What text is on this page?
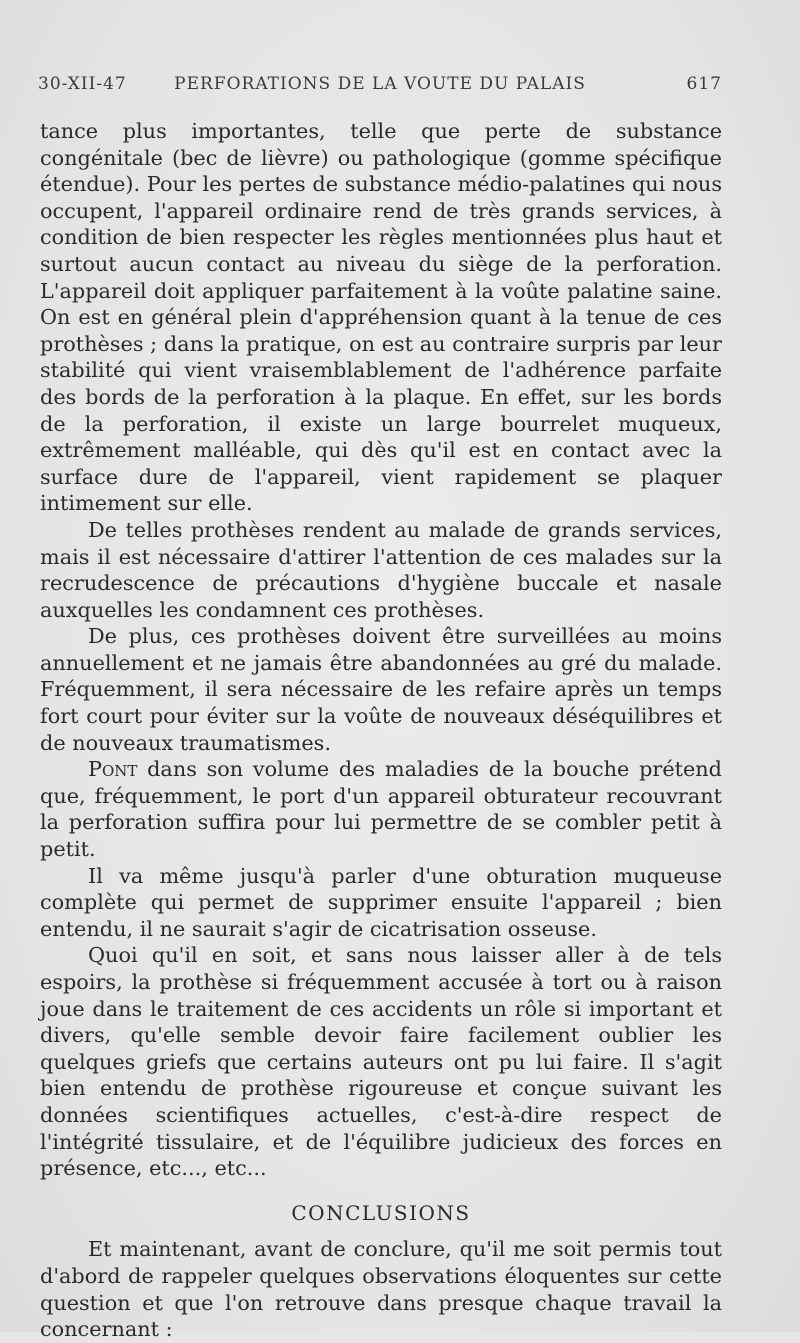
30-XII-47	PERFORATIONS DE LA VOUTE DU PALAIS	617

tance plus importantes, telle que perte de substance congénitale (bec de lièvre) ou pathologique (gomme spécifique étendue). Pour les pertes de substance médio-palatines qui nous occupent, l'appareil ordinaire rend de très grands services, à condition de bien respecter les règles mentionnées plus haut et surtout aucun contact au niveau du siège de la perforation. L'appareil doit appliquer parfaitement à la voûte palatine saine. On est en général plein d'appréhension quant à la tenue de ces prothèses ; dans la pratique, on est au contraire surpris par leur stabilité qui vient vraisemblablement de l'adhérence parfaite des bords de la perforation à la plaque. En effet, sur les bords de la perforation, il existe un large bourrelet muqueux, extrêmement malléable, qui dès qu'il est en contact avec la surface dure de l'appareil, vient rapidement se plaquer intimement sur elle.

De telles prothèses rendent au malade de grands services, mais il est nécessaire d'attirer l'attention de ces malades sur la recrudescence de précautions d'hygiène buccale et nasale auxquelles les condamnent ces prothèses.

De plus, ces prothèses doivent être surveillées au moins annuellement et ne jamais être abandonnées au gré du malade. Fréquemment, il sera nécessaire de les refaire après un temps fort court pour éviter sur la voûte de nouveaux déséquilibres et de nouveaux traumatismes.

Pont dans son volume des maladies de la bouche prétend que, fréquemment, le port d'un appareil obturateur recouvrant la perforation suffira pour lui permettre de se combler petit à petit.

Il va même jusqu'à parler d'une obturation muqueuse complète qui permet de supprimer ensuite l'appareil ; bien entendu, il ne saurait s'agir de cicatrisation osseuse.

Quoi qu'il en soit, et sans nous laisser aller à de tels espoirs, la prothèse si fréquemment accusée à tort ou à raison joue dans le traitement de ces accidents un rôle si important et divers, qu'elle semble devoir faire facilement oublier les quelques griefs que certains auteurs ont pu lui faire. Il s'agit bien entendu de prothèse rigoureuse et conçue suivant les données scientifiques actuelles, c'est-à-dire respect de l'intégrité tissulaire, et de l'équilibre judicieux des forces en présence, etc..., etc...

CONCLUSIONS

Et maintenant, avant de conclure, qu'il me soit permis tout d'abord de rappeler quelques observations éloquentes sur cette question et que l'on retrouve dans presque chaque travail la concernant :
